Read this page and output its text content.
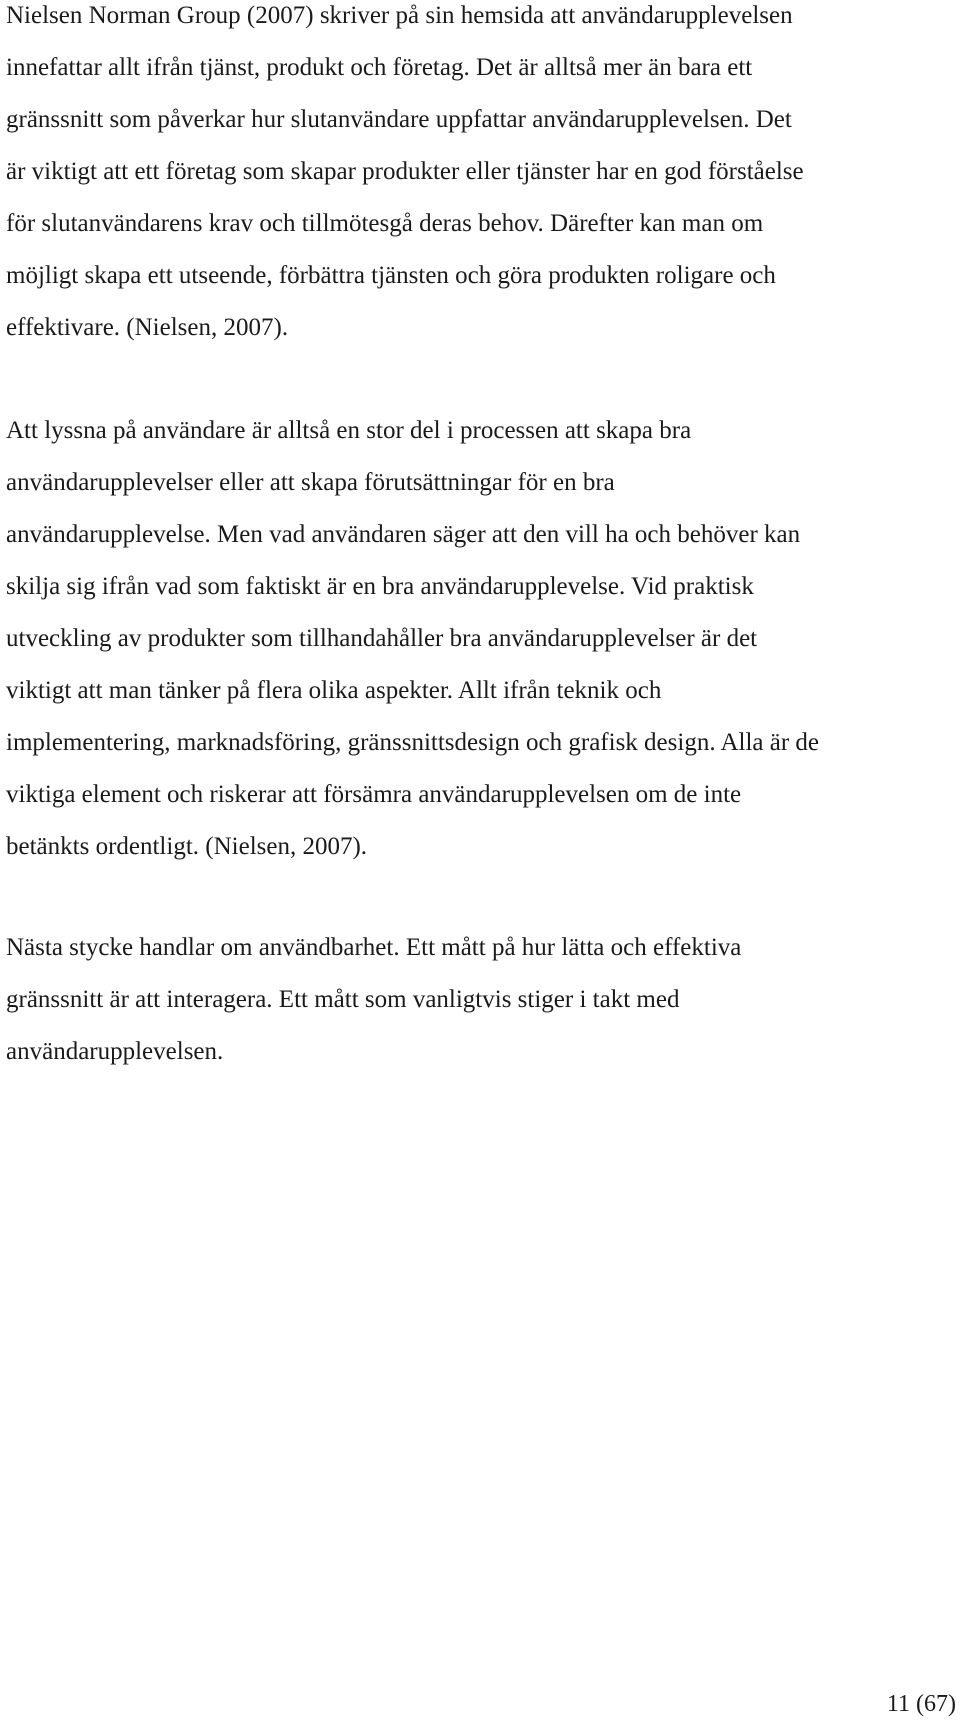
Nielsen Norman Group (2007) skriver på sin hemsida att användarupplevelsen
innefattar allt ifrån tjänst, produkt och företag. Det är alltså mer än bara ett
gränssnitt som påverkar hur slutanvändare uppfattar användarupplevelsen. Det
är viktigt att ett företag som skapar produkter eller tjänster har en god förståelse
för slutanvändarens krav och tillmötesgå deras behov. Därefter kan man om
möjligt skapa ett utseende, förbättra tjänsten och göra produkten roligare och
effektivare. (Nielsen, 2007).

Att lyssna på användare är alltså en stor del i processen att skapa bra
användarupplevelser eller att skapa förutsättningar för en bra
användarupplevelse. Men vad användaren säger att den vill ha och behöver kan
skilja sig ifrån vad som faktiskt är en bra användarupplevelse. Vid praktisk
utveckling av produkter som tillhandahåller bra användarupplevelser är det
viktigt att man tänker på flera olika aspekter. Allt ifrån teknik och
implementering, marknadsföring, gränssnittsdesign och grafisk design. Alla är de
viktiga element och riskerar att försämra användarupplevelsen om de inte
betänkts ordentligt. (Nielsen, 2007).

Nästa stycke handlar om användbarhet. Ett mått på hur lätta och effektiva
gränssnitt är att interagera. Ett mått som vanligtvis stiger i takt med
användarupplevelsen.

11 (67)
